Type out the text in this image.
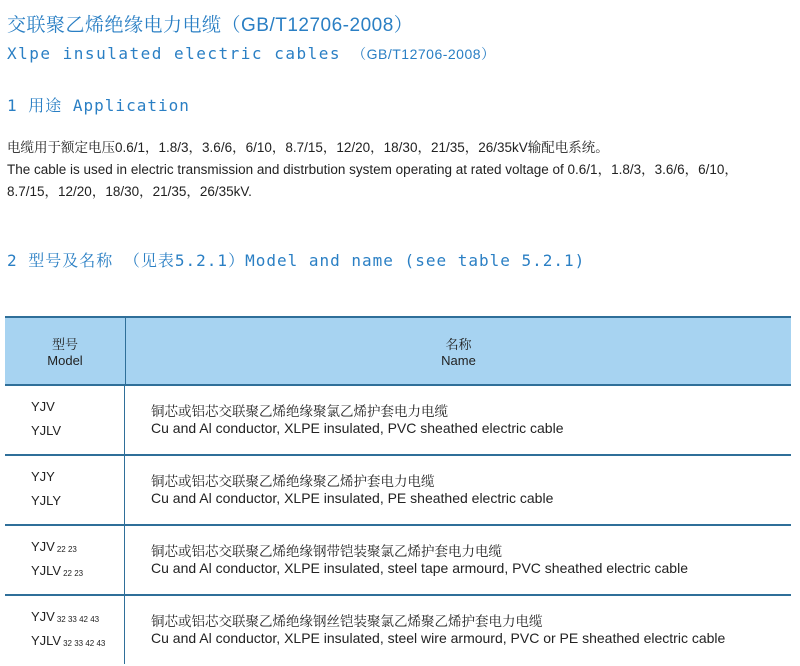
交联聚乙烯绝缘电力电缆（GB/T12706-2008）
Xlpe insulated electric cables （GB/T12706-2008）
1 用途 Application
电缆用于额定电压0.6/1，1.8/3，3.6/6，6/10，8.7/15，12/20，18/30，21/35，26/35kV输配电系统。
The cable is used in electric transmission and distrbution system operating at rated voltage of 0.6/1，1.8/3，3.6/6，6/10，
8.7/15，12/20，18/30，21/35，26/35kV.
2 型号及名称 （见表5.2.1）Model and name (see table 5.2.1)
型号
Model
名称
Name
YJV
YJLV
铜芯或铝芯交联聚乙烯绝缘聚氯乙烯护套电力电缆
Cu and Al conductor, XLPE insulated, PVC sheathed electric cable
YJY
YJLY
铜芯或铝芯交联聚乙烯绝缘聚乙烯护套电力电缆
Cu and Al conductor, XLPE insulated, PE sheathed electric cable
YJV $_{22 23}$
YJLV $_{22 23}$
铜芯或铝芯交联聚乙烯绝缘钢带铠装聚氯乙烯护套电力电缆
Cu and Al conductor, XLPE insulated, steel tape armourd, PVC sheathed electric cable
YJV $_{32 33 42 43}$
YJLV $_{32 33 42 43}$
铜芯或铝芯交联聚乙烯绝缘钢丝铠装聚氯乙烯聚乙烯护套电力电缆
Cu and Al conductor, XLPE insulated, steel wire armourd, PVC or PE sheathed electric cable
